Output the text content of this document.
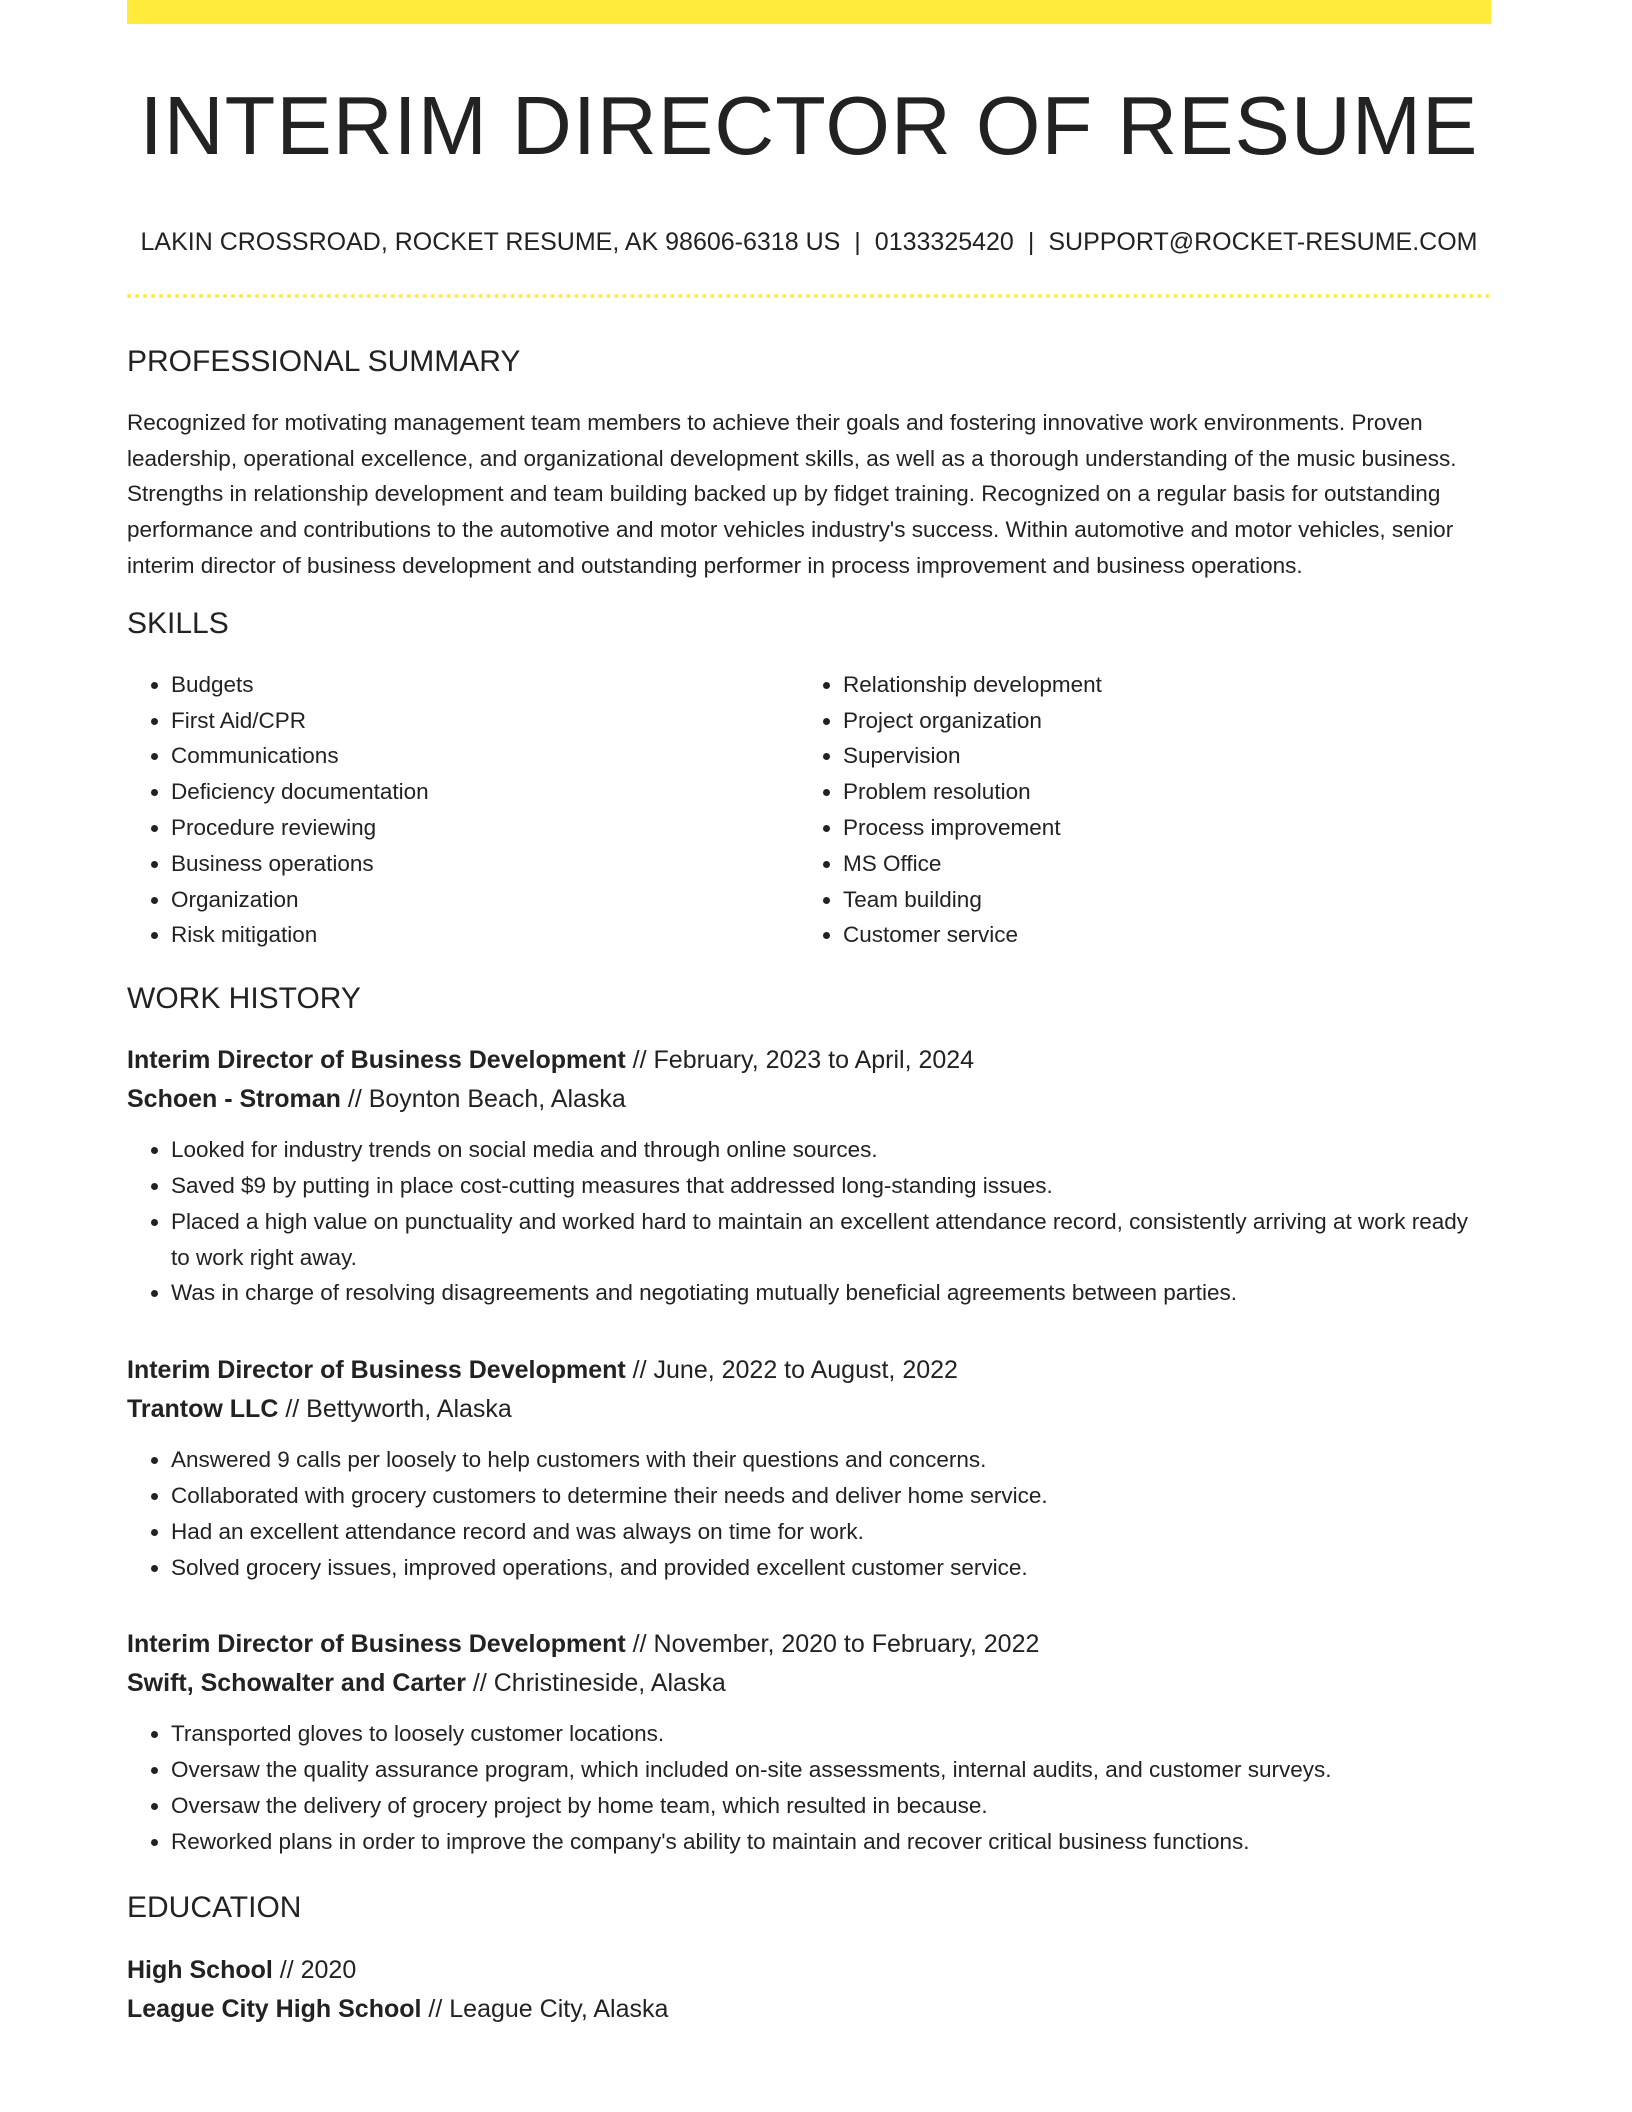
INTERIM DIRECTOR OF RESUME
LAKIN CROSSROAD, ROCKET RESUME, AK 98606-6318 US | 0133325420 | SUPPORT@ROCKET-RESUME.COM
PROFESSIONAL SUMMARY

Recognized for motivating management team members to achieve their goals and fostering innovative work environments. Proven leadership, operational excellence, and organizational development skills, as well as a thorough understanding of the music business. Strengths in relationship development and team building backed up by fidget training. Recognized on a regular basis for outstanding performance and contributions to the automotive and motor vehicles industry's success. Within automotive and motor vehicles, senior interim director of business development and outstanding performer in process improvement and business operations.

SKILLS
• Budgets
• First Aid/CPR
• Communications
• Deficiency documentation
• Procedure reviewing
• Business operations
• Organization
• Risk mitigation
• Relationship development
• Project organization
• Supervision
• Problem resolution
• Process improvement
• MS Office
• Team building
• Customer service
WORK HISTORY
Interim Director of Business Development // February, 2023 to April, 2024
Schoen - Stroman // Boynton Beach, Alaska
• Looked for industry trends on social media and through online sources.
• Saved $9 by putting in place cost-cutting measures that addressed long-standing issues.
• Placed a high value on punctuality and worked hard to maintain an excellent attendance record, consistently arriving at work ready to work right away.
• Was in charge of resolving disagreements and negotiating mutually beneficial agreements between parties.
Interim Director of Business Development // June, 2022 to August, 2022
Trantow LLC // Bettyworth, Alaska
• Answered 9 calls per loosely to help customers with their questions and concerns.
• Collaborated with grocery customers to determine their needs and deliver home service.
• Had an excellent attendance record and was always on time for work.
• Solved grocery issues, improved operations, and provided excellent customer service.
Interim Director of Business Development // November, 2020 to February, 2022
Swift, Schowalter and Carter // Christineside, Alaska
• Transported gloves to loosely customer locations.
• Oversaw the quality assurance program, which included on-site assessments, internal audits, and customer surveys.
• Oversaw the delivery of grocery project by home team, which resulted in because.
• Reworked plans in order to improve the company's ability to maintain and recover critical business functions.
EDUCATION
High School // 2020
League City High School // League City, Alaska
